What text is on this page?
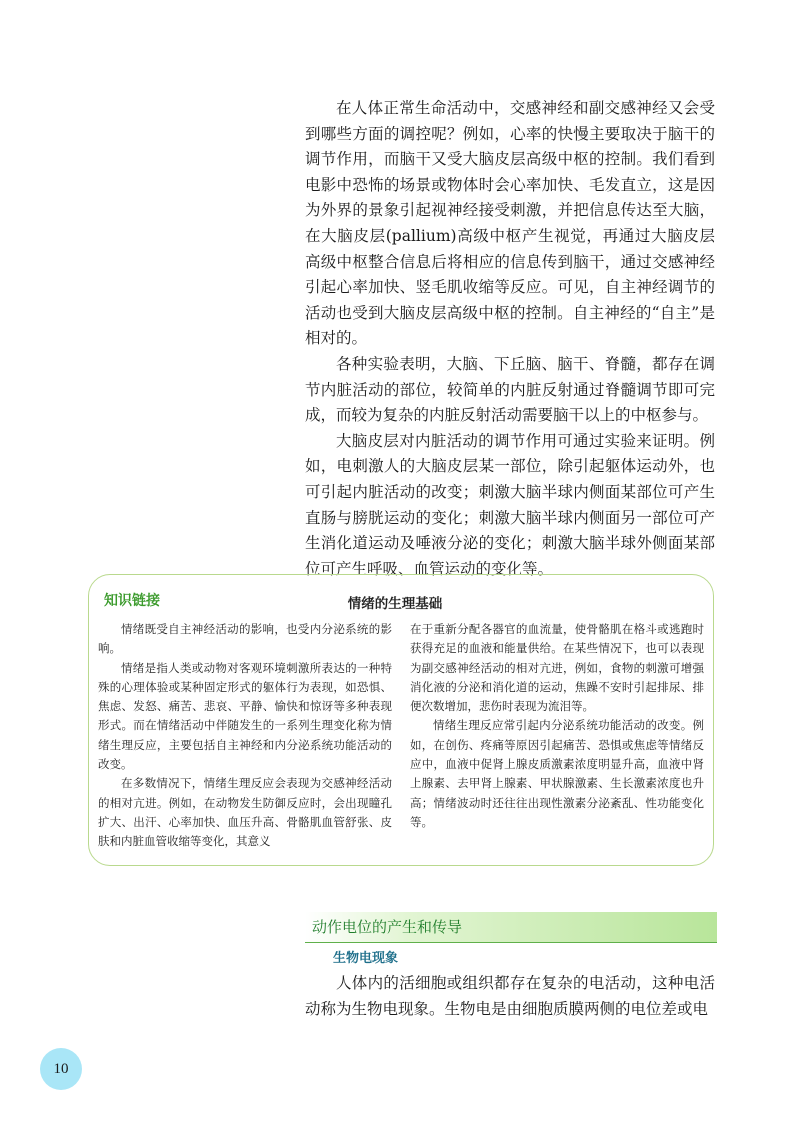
在人体正常生命活动中，交感神经和副交感神经又会受到哪些方面的调控呢？例如，心率的快慢主要取决于脑干的调节作用，而脑干又受大脑皮层高级中枢的控制。我们看到电影中恐怖的场景或物体时会心率加快、毛发直立，这是因为外界的景象引起视神经接受刺激，并把信息传达至大脑，在大脑皮层(pallium)高级中枢产生视觉，再通过大脑皮层高级中枢整合信息后将相应的信息传到脑干，通过交感神经引起心率加快、竖毛肌收缩等反应。可见，自主神经调节的活动也受到大脑皮层高级中枢的控制。自主神经的“自主”是相对的。

各种实验表明，大脑、下丘脑、脑干、脊髓，都存在调节内脏活动的部位，较简单的内脏反射通过脊髓调节即可完成，而较为复杂的内脏反射活动需要脑干以上的中枢参与。

大脑皮层对内脏活动的调节作用可通过实验来证明。例如，电刺激人的大脑皮层某一部位，除引起躯体运动外，也可引起内脏活动的改变；刺激大脑半球内侧面某部位可产生直肠与膀胱运动的变化；刺激大脑半球内侧面另一部位可产生消化道运动及唾液分泌的变化；刺激大脑半球外侧面某部位可产生呼吸、血管运动的变化等。

知识链接	情绪的生理基础

情绪既受自主神经活动的影响，也受内分泌系统的影响。

情绪是指人类或动物对客观环境刺激所表达的一种特殊的心理体验或某种固定形式的躯体行为表现，如恐惧、焦虑、发怒、痛苦、悲哀、平静、愉快和惊讶等多种表现形式。而在情绪活动中伴随发生的一系列生理变化称为情绪生理反应，主要包括自主神经和内分泌系统功能活动的改变。

在多数情况下，情绪生理反应会表现为交感神经活动的相对亢进。例如，在动物发生防御反应时，会出现瞳孔扩大、出汗、心率加快、血压升高、骨骼肌血管舒张、皮肤和内脏血管收缩等变化，其意义

在于重新分配各器官的血流量，使骨骼肌在格斗或逃跑时获得充足的血液和能量供给。在某些情况下，也可以表现为副交感神经活动的相对亢进，例如，食物的刺激可增强消化液的分泌和消化道的运动，焦躁不安时引起排尿、排便次数增加，悲伤时表现为流泪等。

情绪生理反应常引起内分泌系统功能活动的改变。例如，在创伤、疼痛等原因引起痛苦、恐惧或焦虑等情绪反应中，血液中促肾上腺皮质激素浓度明显升高，血液中肾上腺素、去甲肾上腺素、甲状腺激素、生长激素浓度也升高；情绪波动时还往往出现性激素分泌紊乱、性功能变化等。

动作电位的产生和传导
生物电现象

人体内的活细胞或组织都存在复杂的电活动，这种电活动称为生物电现象。生物电是由细胞质膜两侧的电位差或电

10
